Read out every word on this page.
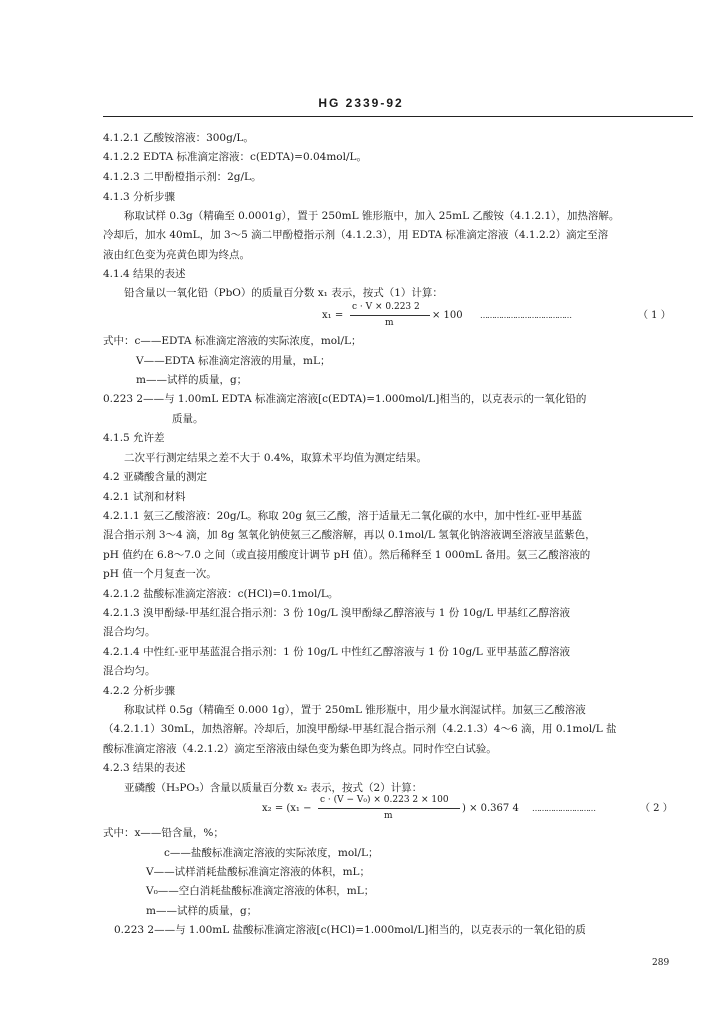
HG 2339-92
4.1.2.1 乙酸铵溶液：300g/L。
4.1.2.2 EDTA 标准滴定溶液：c(EDTA)=0.04mol/L。
4.1.2.3 二甲酚橙指示剂：2g/L。
4.1.3 分析步骤
称取试样 0.3g（精确至 0.0001g），置于 250mL 锥形瓶中，加入 25mL 乙酸铵（4.1.2.1），加热溶解。
冷却后，加水 40mL，加 3～5 滴二甲酚橙指示剂（4.1.2.3），用 EDTA 标准滴定溶液（4.1.2.2）滴定至溶
液由红色变为亮黄色即为终点。
4.1.4 结果的表述
铅含量以一氧化铅（PbO）的质量百分数 x₁ 表示，按式（1）计算：
x₁ =
c · V × 0.223 2
m
× 100 …………………………………	（ 1 ）
式中：c——EDTA 标准滴定溶液的实际浓度，mol/L；
V——EDTA 标准滴定溶液的用量，mL；
m——试样的质量，g；
0.223 2——与 1.00mL EDTA 标准滴定溶液[c(EDTA)=1.000mol/L]相当的，以克表示的一氧化铅的
质量。
4.1.5 允许差
二次平行测定结果之差不大于 0.4%，取算术平均值为测定结果。
4.2 亚磷酸含量的测定
4.2.1 试剂和材料
4.2.1.1 氨三乙酸溶液：20g/L。称取 20g 氨三乙酸，溶于适量无二氧化碳的水中，加中性红-亚甲基蓝
混合指示剂 3～4 滴，加 8g 氢氧化钠使氨三乙酸溶解，再以 0.1mol/L 氢氧化钠溶液调至溶液呈蓝紫色，
pH 值约在 6.8～7.0 之间（或直接用酸度计调节 pH 值）。然后稀释至 1 000mL 备用。氨三乙酸溶液的
pH 值一个月复查一次。
4.2.1.2 盐酸标准滴定溶液：c(HCl)=0.1mol/L。
4.2.1.3 溴甲酚绿-甲基红混合指示剂：3 份 10g/L 溴甲酚绿乙醇溶液与 1 份 10g/L 甲基红乙醇溶液
混合均匀。
4.2.1.4 中性红-亚甲基蓝混合指示剂：1 份 10g/L 中性红乙醇溶液与 1 份 10g/L 亚甲基蓝乙醇溶液
混合均匀。
4.2.2 分析步骤
称取试样 0.5g（精确至 0.000 1g），置于 250mL 锥形瓶中，用少量水润湿试样。加氨三乙酸溶液
（4.2.1.1）30mL，加热溶解。冷却后，加溴甲酚绿-甲基红混合指示剂（4.2.1.3）4～6 滴，用 0.1mol/L 盐
酸标准滴定溶液（4.2.1.2）滴定至溶液由绿色变为紫色即为终点。同时作空白试验。
4.2.3 结果的表述
亚磷酸（H₃PO₃）含量以质量百分数 x₂ 表示，按式（2）计算：
x₂ = (x₁ −
c · (V − V₀) × 0.223 2 × 100
m
) × 0.367 4 ………………………	（ 2 ）
式中：x——铅含量，%；
c——盐酸标准滴定溶液的实际浓度，mol/L；
V——试样消耗盐酸标准滴定溶液的体积，mL；
V₀——空白消耗盐酸标准滴定溶液的体积，mL；
m——试样的质量，g；
0.223 2——与 1.00mL 盐酸标准滴定溶液[c(HCl)=1.000mol/L]相当的，以克表示的一氧化铅的质
289
